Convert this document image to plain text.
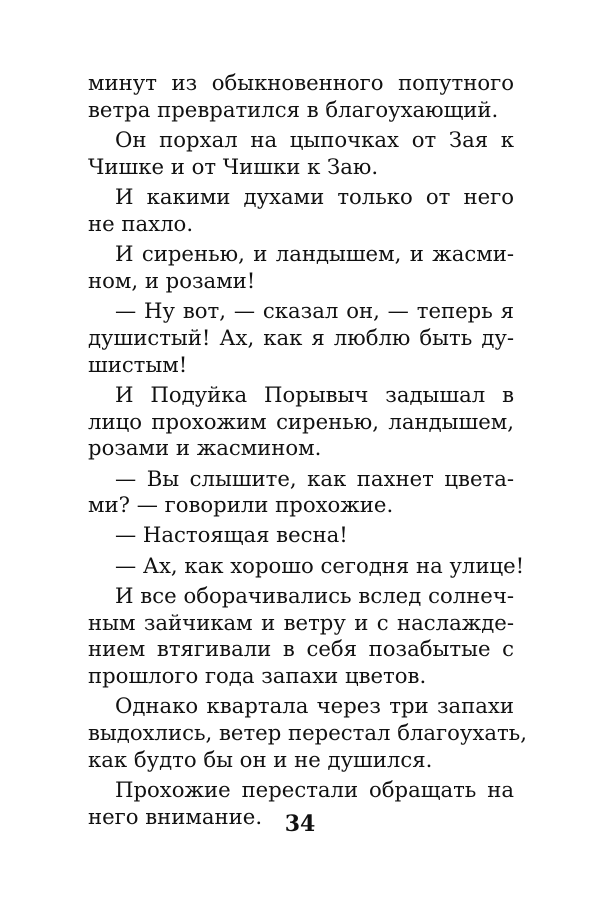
минут из обыкновенного попутного
ветра превратился в благоухающий.
Он порхал на цыпочках от Зая к
Чишке и от Чишки к Заю.
И какими духами только от него
не пахло.
И сиренью, и ландышем, и жасми-
ном, и розами!
— Ну вот, — сказал он, — теперь я
душистый! Ах, как я люблю быть ду-
шистым!
И Подуйка Порывыч задышал в
лицо прохожим сиренью, ландышем,
розами и жасмином.
— Вы слышите, как пахнет цвета-
ми? — говорили прохожие.
— Настоящая весна!
— Ах, как хорошо сегодня на улице!
И все оборачивались вслед солнеч-
ным зайчикам и ветру и с наслажде-
нием втягивали в себя позабытые с
прошлого года запахи цветов.
Однако квартала через три запахи
выдохлись, ветер перестал благоухать,
как будто бы он и не душился.
Прохожие перестали обращать на
него внимание.	34
